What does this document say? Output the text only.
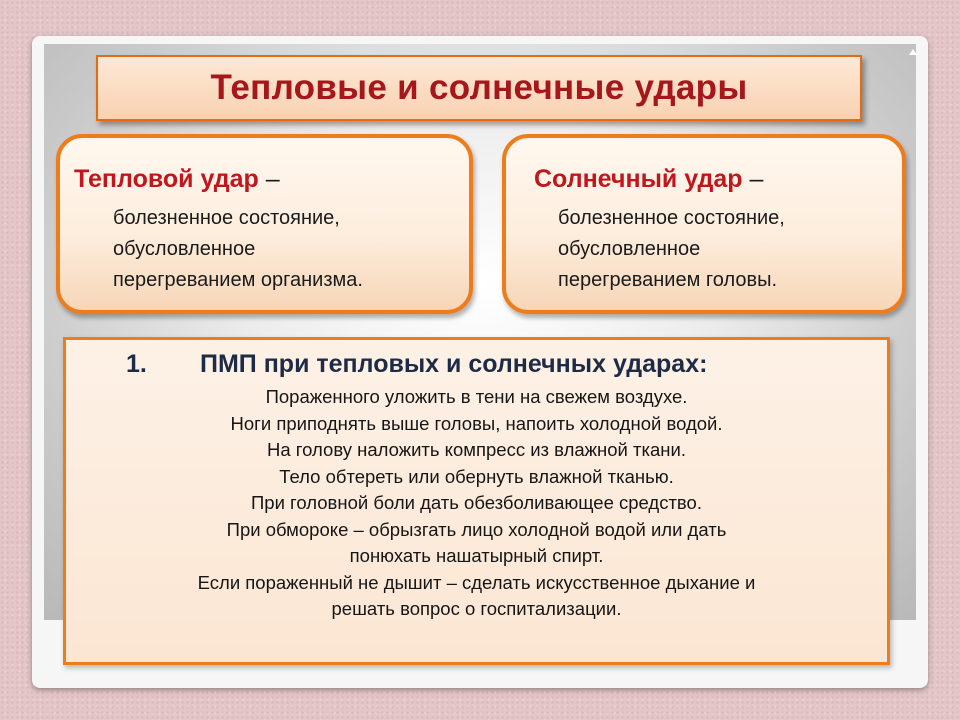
Тепловые и солнечные удары
Тепловой удар –
болезненное состояние,
обусловленное
перегреванием организма.
Солнечный удар –
болезненное состояние,
обусловленное
перегреванием головы.
1. ПМП при тепловых и солнечных ударах:
Пораженного уложить в тени на свежем воздухе.
Ноги приподнять выше головы, напоить холодной водой.
На голову наложить компресс из влажной ткани.
Тело обтереть или обернуть влажной тканью.
При головной боли дать обезболивающее средство.
При обмороке – обрызгать лицо холодной водой или дать
понюхать нашатырный спирт.
Если пораженный не дышит – сделать искусственное дыхание и
решать вопрос о госпитализации.
